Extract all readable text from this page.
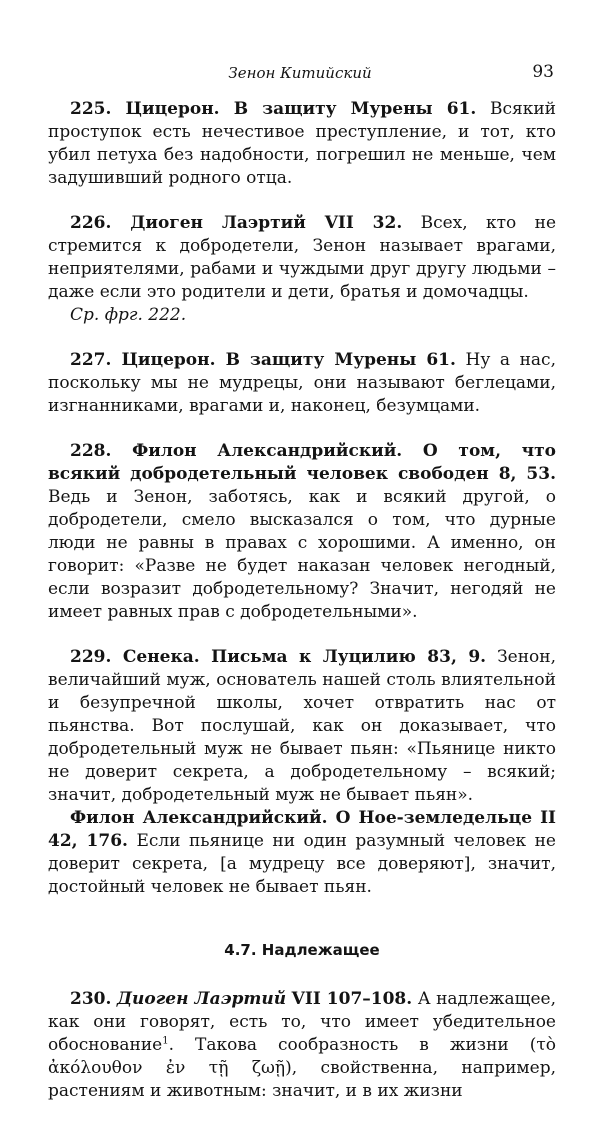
Зенон Китийский	93

225. Цицерон. В защиту Мурены 61. Всякий проступок есть нечестивое преступление, и тот, кто убил петуха без надобности, погрешил не меньше, чем задушивший родного отца.

226. Диоген Лаэртий VII 32. Всех, кто не стремится к добродетели, Зенон называет врагами, неприятелями, рабами и чуждыми друг другу людьми – даже если это родители и дети, братья и домочадцы.

Ср. фрг. 222.

227. Цицерон. В защиту Мурены 61. Ну а нас, поскольку мы не мудрецы, они называют беглецами, изгнанниками, врагами и, наконец, безумцами.

228. Филон Александрийский. О том, что всякий добродетельный человек свободен 8, 53. Ведь и Зенон, заботясь, как и всякий другой, о добродетели, смело высказался о том, что дурные люди не равны в правах с хорошими. А именно, он говорит: «Разве не будет наказан человек негодный, если возразит добродетельному? Значит, негодяй не имеет равных прав с добродетельными».

229. Сенека. Письма к Луцилию 83, 9. Зенон, величайший муж, основатель нашей столь влиятельной и безупречной школы, хочет отвратить нас от пьянства. Вот послушай, как он доказывает, что добродетельный муж не бывает пьян: «Пьянице никто не доверит секрета, а добродетельному – всякий; значит, добродетельный муж не бывает пьян».

Филон Александрийский. О Ное-земледельце II 42, 176. Если пьянице ни один разумный человек не доверит секрета, [а мудрецу все доверяют], значит, достойный человек не бывает пьян.

4.7. Надлежащее

230. Диоген Лаэртий VII 107–108. А надлежащее, как они говорят, есть то, что имеет убедительное обоснование$^1$. Такова сообразность в жизни (τὸ ἀκόλουθον ἐν τῇ ζωῇ), свойственна, например, растениям и животным: значит, и в их жизни
